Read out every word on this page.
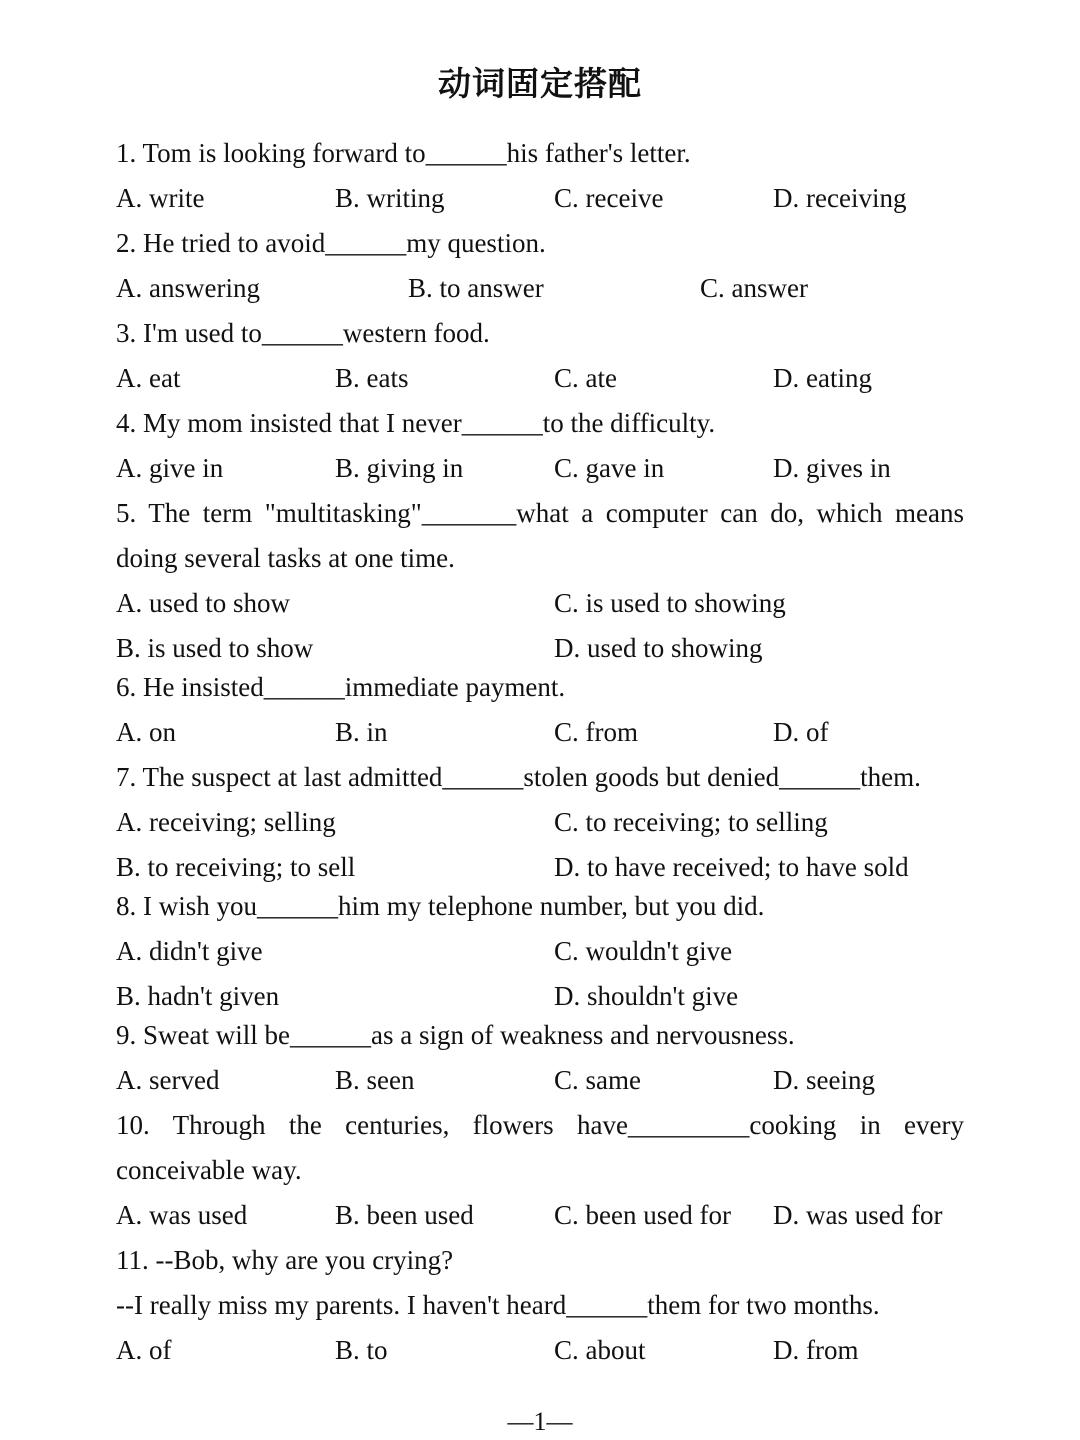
动词固定搭配
1. Tom is looking forward to______his father's letter.
A. write	B. writing	C. receive	D. receiving
2. He tried to avoid______my question.
A. answering	B. to answer	C. answer
3. I'm used to______western food.
A. eat	B. eats	C. ate	D. eating
4. My mom insisted that I never______to the difficulty.
A. give in	B. giving in	C. gave in	D. gives in
5. The term "multitasking"_______what a computer can do, which means
doing several tasks at one time.
A. used to show	C. is used to showing
B. is used to show	D. used to showing
6. He insisted______immediate payment.
A. on	B. in	C. from	D. of
7. The suspect at last admitted______stolen goods but denied______them.
A. receiving; selling	C. to receiving; to selling
B. to receiving; to sell	D. to have received; to have sold
8. I wish you______him my telephone number, but you did.
A. didn't give	C. wouldn't give
B. hadn't given	D. shouldn't give
9. Sweat will be______as a sign of weakness and nervousness.
A. served	B. seen	C. same	D. seeing
10. Through the centuries, flowers have_________cooking in every
conceivable way.
A. was used	B. been used	C. been used for D. was used for
11. --Bob, why are you crying?
--I really miss my parents. I haven't heard______them for two months.
A. of	B. to	C. about	D. from
—1—
